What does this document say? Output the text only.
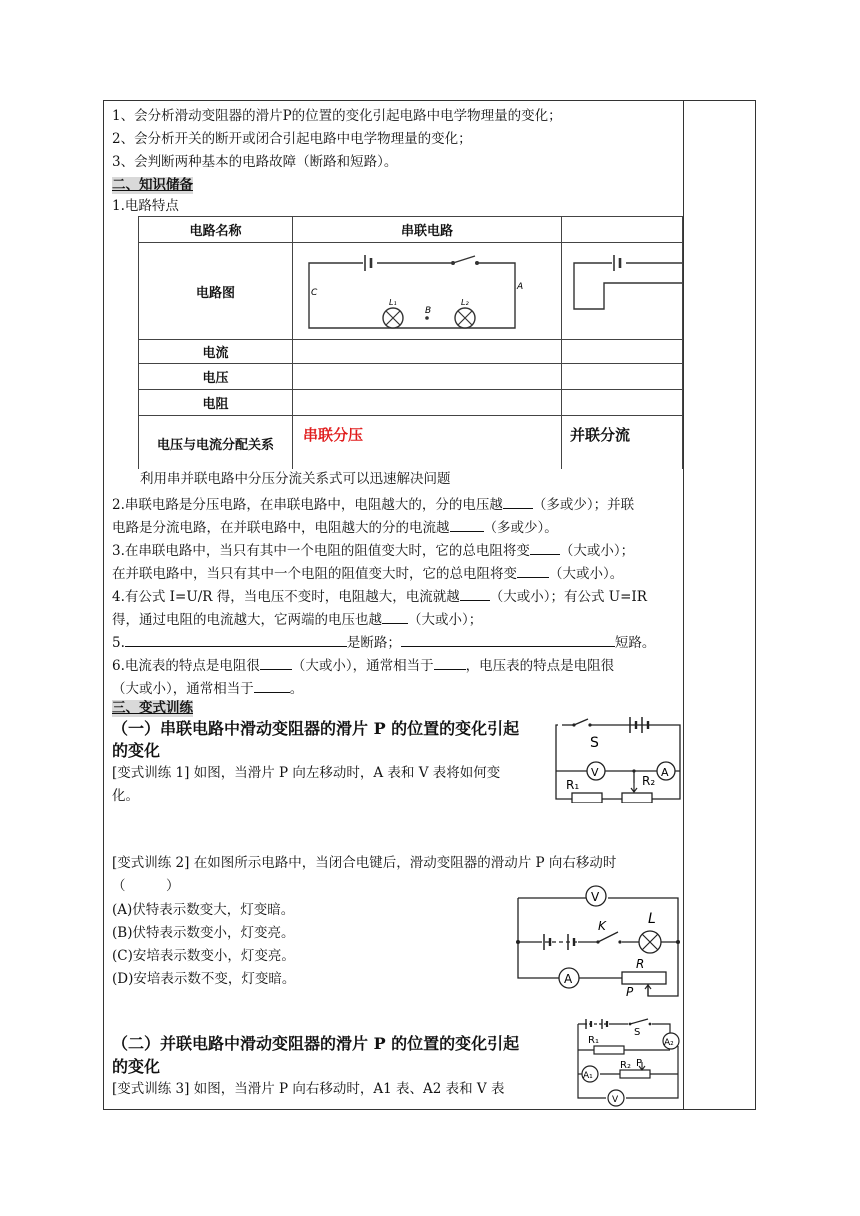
1、会分析滑动变阻器的滑片P的位置的变化引起电路中电学物理量的变化；
2、会分析开关的断开或闭合引起电路中电学物理量的变化；
3、会判断两种基本的电路故障（断路和短路）。
二、知识储备
1.电路特点
电路名称	串联电路	
电路图	C
A
B
L₁ L₂

电流		
电压		
电阻		
电压与电流分配关系	串联分压	并联分流
利用串并联电路中分压分流关系式可以迅速解决问题
2.串联电路是分压电路，在串联电路中，电阻越大的，分的电压越 （多或少）；并联
电路是分流电路，在并联电路中，电阻越大的分的电流越	（多或少）。
3.在串联电路中，当只有其中一个电阻的阻值变大时，它的总电阻将变 （大或小）；
在并联电路中，当只有其中一个电阻的阻值变大时，它的总电阻将变 （大或小）。
4.有公式 I=U/R 得，当电压不变时，电阻越大，电流就越 （大或小）；有公式 U=IR
得，通过电阻的电流越大，它两端的电压也越 （大或小）；
5.	是断路；	短路。
6.电流表的特点是电阻很 （大或小），通常相当于 ，电压表的特点是电阻很
（大或小），通常相当于	。
三、变式训练
（一）串联电路中滑动变阻器的滑片 P 的位置的变化引起
的变化
[变式训练 1] 如图，当滑片 P 向左移动时，A 表和 V 表将如何变
化。
S
V	A
R₁	R₂
[变式训练 2] 在如图所示电路中，当闭合电键后，滑动变阻器的滑动片 P 向右移动时
（　　　）
(A)伏特表示数变大，灯变暗。
(B)伏特表示数变小，灯变亮。
(C)安培表示数变小，灯变亮。
(D)安培表示数不变，灯变暗。
V
K	L
A
R
P
（二）并联电路中滑动变阻器的滑片 P 的位置的变化引起
的变化
[变式训练 3] 如图，当滑片 P 向右移动时，A1 表、A2 表和 V 表
S
A₂
R₁
A₁
R₂ P
V
